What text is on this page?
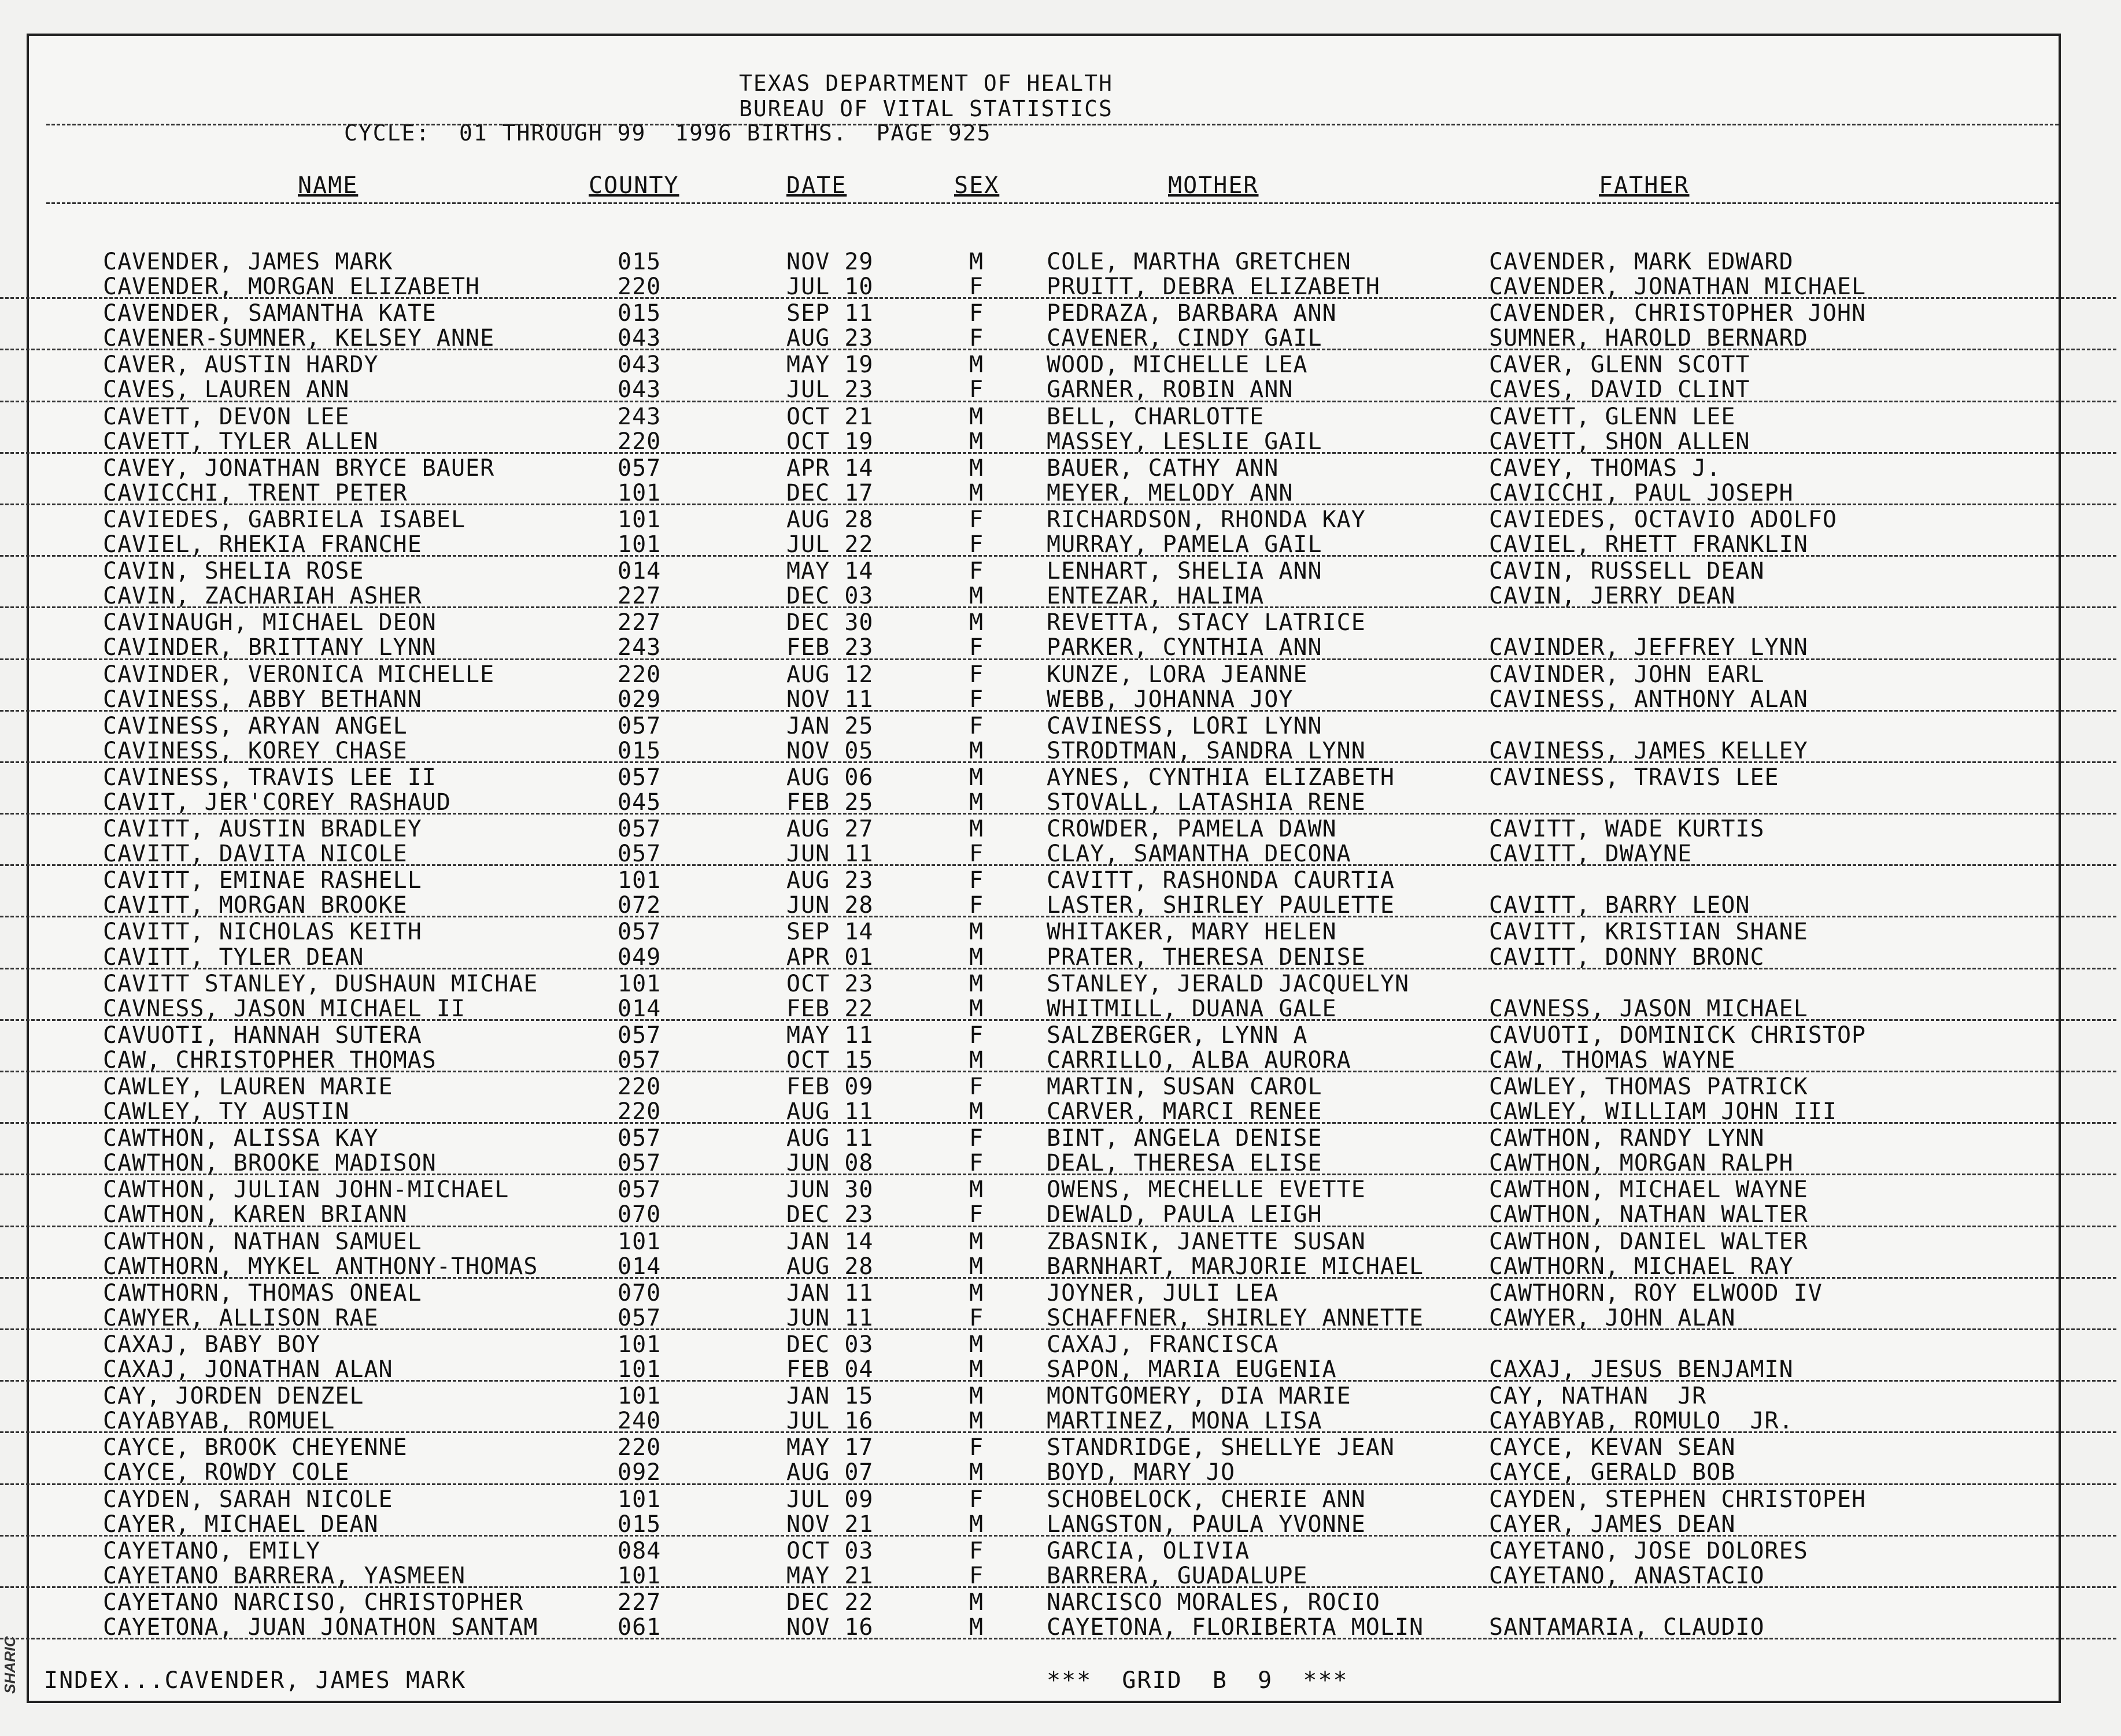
SHARIC
TEXAS DEPARTMENT OF HEALTH
BUREAU OF VITAL STATISTICS
CYCLE:  01 THROUGH 99  1996 BIRTHS.  PAGE 925
NAME	COUNTY	DATE	SEX	MOTHER	FATHER
CAVENDER, JAMES MARK	015	NOV 29	M	COLE, MARTHA GRETCHEN	CAVENDER, MARK EDWARD
CAVENDER, MORGAN ELIZABETH	220	JUL 10	F	PRUITT, DEBRA ELIZABETH	CAVENDER, JONATHAN MICHAEL
CAVENDER, SAMANTHA KATE	015	SEP 11	F	PEDRAZA, BARBARA ANN	CAVENDER, CHRISTOPHER JOHN
CAVENER-SUMNER, KELSEY ANNE	043	AUG 23	F	CAVENER, CINDY GAIL	SUMNER, HAROLD BERNARD
CAVER, AUSTIN HARDY	043	MAY 19	M	WOOD, MICHELLE LEA	CAVER, GLENN SCOTT
CAVES, LAUREN ANN	043	JUL 23	F	GARNER, ROBIN ANN	CAVES, DAVID CLINT
CAVETT, DEVON LEE	243	OCT 21	M	BELL, CHARLOTTE	CAVETT, GLENN LEE
CAVETT, TYLER ALLEN	220	OCT 19	M	MASSEY, LESLIE GAIL	CAVETT, SHON ALLEN
CAVEY, JONATHAN BRYCE BAUER	057	APR 14	M	BAUER, CATHY ANN	CAVEY, THOMAS J.
CAVICCHI, TRENT PETER	101	DEC 17	M	MEYER, MELODY ANN	CAVICCHI, PAUL JOSEPH
CAVIEDES, GABRIELA ISABEL	101	AUG 28	F	RICHARDSON, RHONDA KAY	CAVIEDES, OCTAVIO ADOLFO
CAVIEL, RHEKIA FRANCHE	101	JUL 22	F	MURRAY, PAMELA GAIL	CAVIEL, RHETT FRANKLIN
CAVIN, SHELIA ROSE	014	MAY 14	F	LENHART, SHELIA ANN	CAVIN, RUSSELL DEAN
CAVIN, ZACHARIAH ASHER	227	DEC 03	M	ENTEZAR, HALIMA	CAVIN, JERRY DEAN
CAVINAUGH, MICHAEL DEON	227	DEC 30	M	REVETTA, STACY LATRICE
CAVINDER, BRITTANY LYNN	243	FEB 23	F	PARKER, CYNTHIA ANN	CAVINDER, JEFFREY LYNN
CAVINDER, VERONICA MICHELLE	220	AUG 12	F	KUNZE, LORA JEANNE	CAVINDER, JOHN EARL
CAVINESS, ABBY BETHANN	029	NOV 11	F	WEBB, JOHANNA JOY	CAVINESS, ANTHONY ALAN
CAVINESS, ARYAN ANGEL	057	JAN 25	F	CAVINESS, LORI LYNN
CAVINESS, KOREY CHASE	015	NOV 05	M	STRODTMAN, SANDRA LYNN	CAVINESS, JAMES KELLEY
CAVINESS, TRAVIS LEE II	057	AUG 06	M	AYNES, CYNTHIA ELIZABETH	CAVINESS, TRAVIS LEE
CAVIT, JER'COREY RASHAUD	045	FEB 25	M	STOVALL, LATASHIA RENE
CAVITT, AUSTIN BRADLEY	057	AUG 27	M	CROWDER, PAMELA DAWN	CAVITT, WADE KURTIS
CAVITT, DAVITA NICOLE	057	JUN 11	F	CLAY, SAMANTHA DECONA	CAVITT, DWAYNE
CAVITT, EMINAE RASHELL	101	AUG 23	F	CAVITT, RASHONDA CAURTIA
CAVITT, MORGAN BROOKE	072	JUN 28	F	LASTER, SHIRLEY PAULETTE	CAVITT, BARRY LEON
CAVITT, NICHOLAS KEITH	057	SEP 14	M	WHITAKER, MARY HELEN	CAVITT, KRISTIAN SHANE
CAVITT, TYLER DEAN	049	APR 01	M	PRATER, THERESA DENISE	CAVITT, DONNY BRONC
CAVITT STANLEY, DUSHAUN MICHAE	101	OCT 23	M	STANLEY, JERALD JACQUELYN
CAVNESS, JASON MICHAEL II	014	FEB 22	M	WHITMILL, DUANA GALE	CAVNESS, JASON MICHAEL
CAVUOTI, HANNAH SUTERA	057	MAY 11	F	SALZBERGER, LYNN A	CAVUOTI, DOMINICK CHRISTOP
CAW, CHRISTOPHER THOMAS	057	OCT 15	M	CARRILLO, ALBA AURORA	CAW, THOMAS WAYNE
CAWLEY, LAUREN MARIE	220	FEB 09	F	MARTIN, SUSAN CAROL	CAWLEY, THOMAS PATRICK
CAWLEY, TY AUSTIN	220	AUG 11	M	CARVER, MARCI RENEE	CAWLEY, WILLIAM JOHN III
CAWTHON, ALISSA KAY	057	AUG 11	F	BINT, ANGELA DENISE	CAWTHON, RANDY LYNN
CAWTHON, BROOKE MADISON	057	JUN 08	F	DEAL, THERESA ELISE	CAWTHON, MORGAN RALPH
CAWTHON, JULIAN JOHN-MICHAEL	057	JUN 30	M	OWENS, MECHELLE EVETTE	CAWTHON, MICHAEL WAYNE
CAWTHON, KAREN BRIANN	070	DEC 23	F	DEWALD, PAULA LEIGH	CAWTHON, NATHAN WALTER
CAWTHON, NATHAN SAMUEL	101	JAN 14	M	ZBASNIK, JANETTE SUSAN	CAWTHON, DANIEL WALTER
CAWTHORN, MYKEL ANTHONY-THOMAS	014	AUG 28	M	BARNHART, MARJORIE MICHAEL	CAWTHORN, MICHAEL RAY
CAWTHORN, THOMAS ONEAL	070	JAN 11	M	JOYNER, JULI LEA	CAWTHORN, ROY ELWOOD IV
CAWYER, ALLISON RAE	057	JUN 11	F	SCHAFFNER, SHIRLEY ANNETTE	CAWYER, JOHN ALAN
CAXAJ, BABY BOY	101	DEC 03	M	CAXAJ, FRANCISCA
CAXAJ, JONATHAN ALAN	101	FEB 04	M	SAPON, MARIA EUGENIA	CAXAJ, JESUS BENJAMIN
CAY, JORDEN DENZEL	101	JAN 15	M	MONTGOMERY, DIA MARIE	CAY, NATHAN  JR
CAYABYAB, ROMUEL	240	JUL 16	M	MARTINEZ, MONA LISA	CAYABYAB, ROMULO  JR.
CAYCE, BROOK CHEYENNE	220	MAY 17	F	STANDRIDGE, SHELLYE JEAN	CAYCE, KEVAN SEAN
CAYCE, ROWDY COLE	092	AUG 07	M	BOYD, MARY JO	CAYCE, GERALD BOB
CAYDEN, SARAH NICOLE	101	JUL 09	F	SCHOBELOCK, CHERIE ANN	CAYDEN, STEPHEN CHRISTOPEH
CAYER, MICHAEL DEAN	015	NOV 21	M	LANGSTON, PAULA YVONNE	CAYER, JAMES DEAN
CAYETANO, EMILY	084	OCT 03	F	GARCIA, OLIVIA	CAYETANO, JOSE DOLORES
CAYETANO BARRERA, YASMEEN	101	MAY 21	F	BARRERA, GUADALUPE	CAYETANO, ANASTACIO
CAYETANO NARCISO, CHRISTOPHER	227	DEC 22	M	NARCISCO MORALES, ROCIO
CAYETONA, JUAN JONATHON SANTAM	061	NOV 16	M	CAYETONA, FLORIBERTA MOLIN	SANTAMARIA, CLAUDIO
INDEX...CAVENDER, JAMES MARK	***  GRID  B  9  ***
